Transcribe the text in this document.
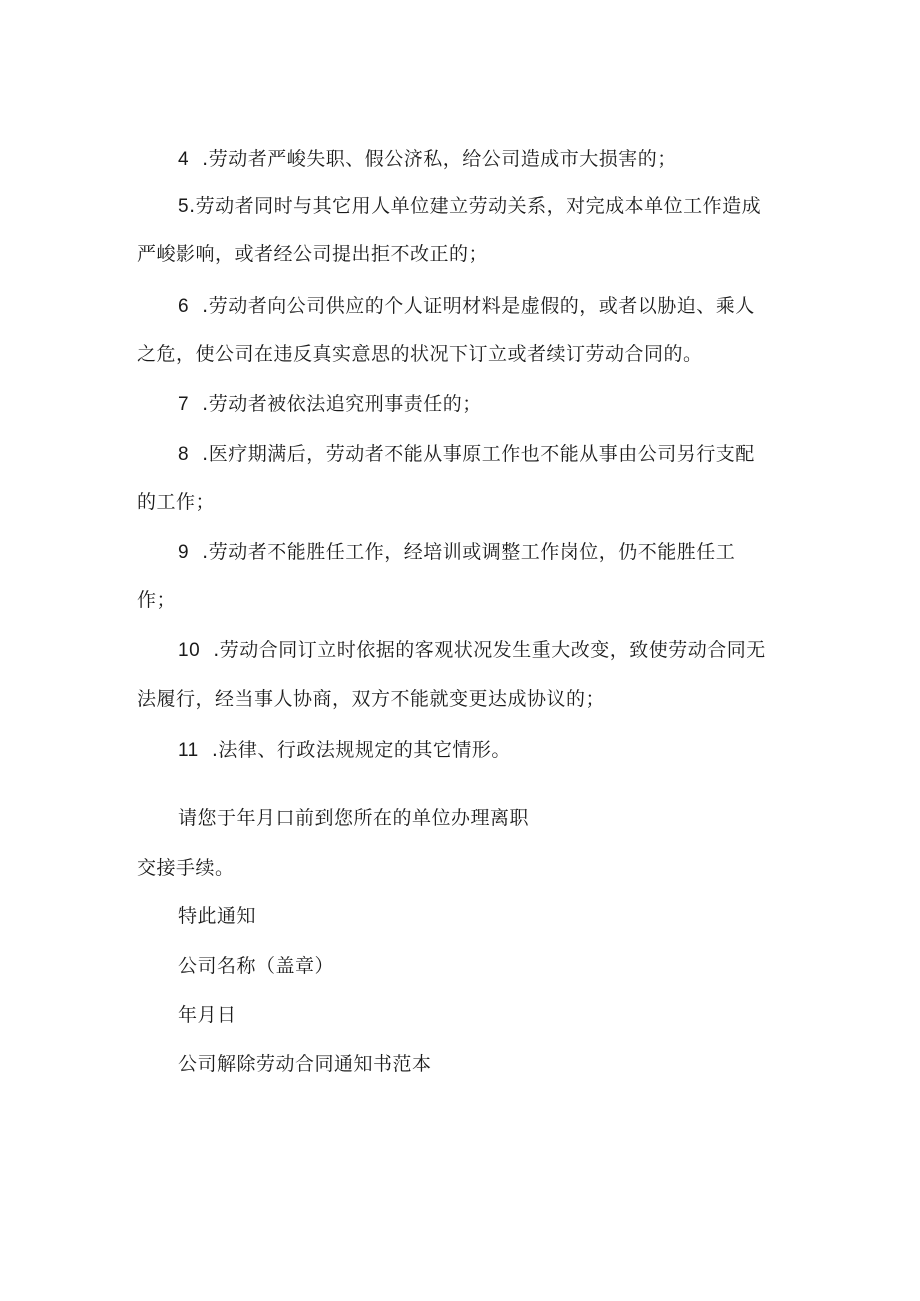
4 .劳动者严峻失职、假公济私，给公司造成市大损害的；
5.劳动者同时与其它用人单位建立劳动关系，对完成本单位工作造成
严峻影响，或者经公司提出拒不改正的；
6 .劳动者向公司供应的个人证明材料是虚假的，或者以胁迫、乘人
之危，使公司在违反真实意思的状况下订立或者续订劳动合同的。
7 .劳动者被依法追究刑事责任的；
8 .医疗期满后，劳动者不能从事原工作也不能从事由公司另行支配
的工作；
9 .劳动者不能胜任工作，经培训或调整工作岗位，仍不能胜任工
作；
10 .劳动合同订立时依据的客观状况发生重大改变，致使劳动合同无
法履行，经当事人协商，双方不能就变更达成协议的；
11 .法律、行政法规规定的其它情形。
请您于年月口前到您所在的单位办理离职
交接手续。
特此通知
公司名称（盖章）
年月日
公司解除劳动合同通知书范本
